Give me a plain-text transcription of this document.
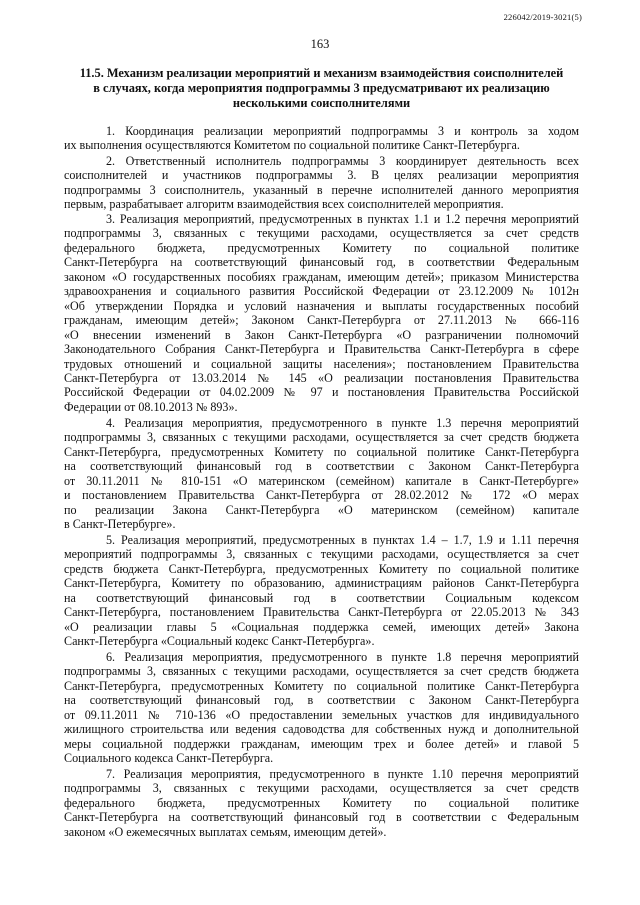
226042/2019-3021(5)
163
11.5. Механизм реализации мероприятий и механизм взаимодействия соисполнителей
в случаях, когда мероприятия подпрограммы 3 предусматривают их реализацию
несколькими соисполнителями
1. Координация реализации мероприятий подпрограммы 3 и контроль за ходом
их выполнения осуществляются Комитетом по социальной политике Санкт-Петербурга.
2. Ответственный исполнитель подпрограммы 3 координирует деятельность всех
соисполнителей и участников подпрограммы 3. В целях реализации мероприятия
подпрограммы 3 соисполнитель, указанный в перечне исполнителей данного мероприятия
первым, разрабатывает алгоритм взаимодействия всех соисполнителей мероприятия.
3. Реализация мероприятий, предусмотренных в пунктах 1.1 и 1.2 перечня мероприятий
подпрограммы 3, связанных с текущими расходами, осуществляется за счет средств
федерального бюджета, предусмотренных Комитету по социальной политике
Санкт-Петербурга на соответствующий финансовый год, в соответствии Федеральным
законом «О государственных пособиях гражданам, имеющим детей»; приказом Министерства
здравоохранения и социального развития Российской Федерации от 23.12.2009 № 1012н
«Об утверждении Порядка и условий назначения и выплаты государственных пособий
гражданам, имеющим детей»; Законом Санкт-Петербурга от 27.11.2013 № 666-116
«О внесении изменений в Закон Санкт-Петербурга «О разграничении полномочий
Законодательного Собрания Санкт-Петербурга и Правительства Санкт-Петербурга в сфере
трудовых отношений и социальной защиты населения»; постановлением Правительства
Санкт-Петербурга от 13.03.2014 № 145 «О реализации постановления Правительства
Российской Федерации от 04.02.2009 № 97 и постановления Правительства Российской
Федерации от 08.10.2013 № 893».
4. Реализация мероприятия, предусмотренного в пункте 1.3 перечня мероприятий
подпрограммы 3, связанных с текущими расходами, осуществляется за счет средств бюджета
Санкт-Петербурга, предусмотренных Комитету по социальной политике Санкт-Петербурга
на соответствующий финансовый год в соответствии с Законом Санкт-Петербурга
от 30.11.2011 № 810-151 «О материнском (семейном) капитале в Санкт-Петербурге»
и постановлением Правительства Санкт-Петербурга от 28.02.2012 № 172 «О мерах
по реализации Закона Санкт-Петербурга «О материнском (семейном) капитале
в Санкт-Петербурге».
5. Реализация мероприятий, предусмотренных в пунктах 1.4 – 1.7, 1.9 и 1.11 перечня
мероприятий подпрограммы 3, связанных с текущими расходами, осуществляется за счет
средств бюджета Санкт-Петербурга, предусмотренных Комитету по социальной политике
Санкт-Петербурга, Комитету по образованию, администрациям районов Санкт-Петербурга
на соответствующий финансовый год в соответствии Социальным кодексом
Санкт-Петербурга, постановлением Правительства Санкт-Петербурга от 22.05.2013 № 343
«О реализации главы 5 «Социальная поддержка семей, имеющих детей» Закона
Санкт-Петербурга «Социальный кодекс Санкт-Петербурга».
6. Реализация мероприятия, предусмотренного в пункте 1.8 перечня мероприятий
подпрограммы 3, связанных с текущими расходами, осуществляется за счет средств бюджета
Санкт-Петербурга, предусмотренных Комитету по социальной политике Санкт-Петербурга
на соответствующий финансовый год, в соответствии с Законом Санкт-Петербурга
от 09.11.2011 № 710-136 «О предоставлении земельных участков для индивидуального
жилищного строительства или ведения садоводства для собственных нужд и дополнительной
меры социальной поддержки гражданам, имеющим трех и более детей» и главой 5
Социального кодекса Санкт-Петербурга.
7. Реализация мероприятия, предусмотренного в пункте 1.10 перечня мероприятий
подпрограммы 3, связанных с текущими расходами, осуществляется за счет средств
федерального бюджета, предусмотренных Комитету по социальной политике
Санкт-Петербурга на соответствующий финансовый год в соответствии с Федеральным
законом «О ежемесячных выплатах семьям, имеющим детей».
